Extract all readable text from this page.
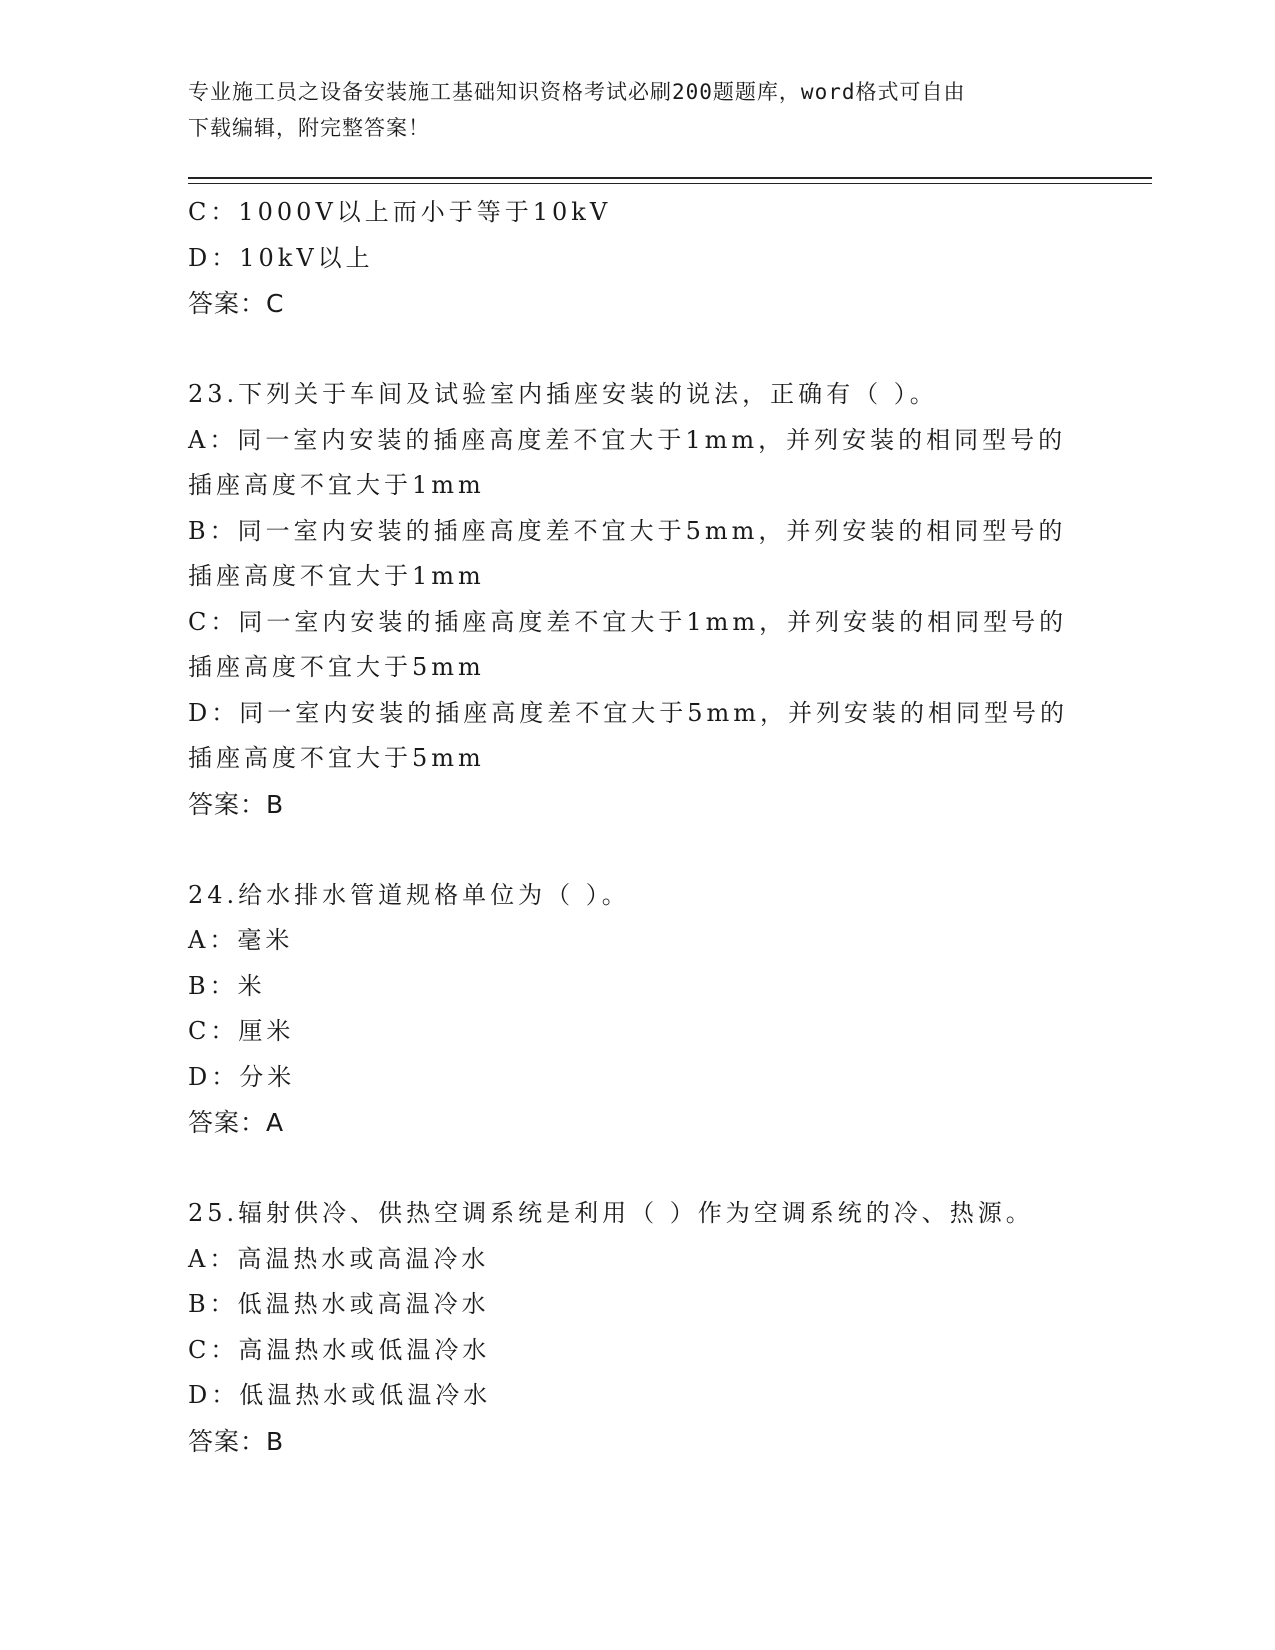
专业施工员之设备安装施工基础知识资格考试必刷200题题库，word格式可自由
下载编辑，附完整答案！
C：1000V以上而小于等于10kV
D：10kV以上
答案：C
23.下列关于车间及试验室内插座安装的说法，正确有（ ）。
A：同一室内安装的插座高度差不宜大于1mm，并列安装的相同型号的
插座高度不宜大于1mm
B：同一室内安装的插座高度差不宜大于5mm，并列安装的相同型号的
插座高度不宜大于1mm
C：同一室内安装的插座高度差不宜大于1mm，并列安装的相同型号的
插座高度不宜大于5mm
D：同一室内安装的插座高度差不宜大于5mm，并列安装的相同型号的
插座高度不宜大于5mm
答案：B
24.给水排水管道规格单位为（ ）。
A：毫米
B：米
C：厘米
D：分米
答案：A
25.辐射供冷、供热空调系统是利用（ ）作为空调系统的冷、热源。
A：高温热水或高温冷水
B：低温热水或高温冷水
C：高温热水或低温冷水
D：低温热水或低温冷水
答案：B
